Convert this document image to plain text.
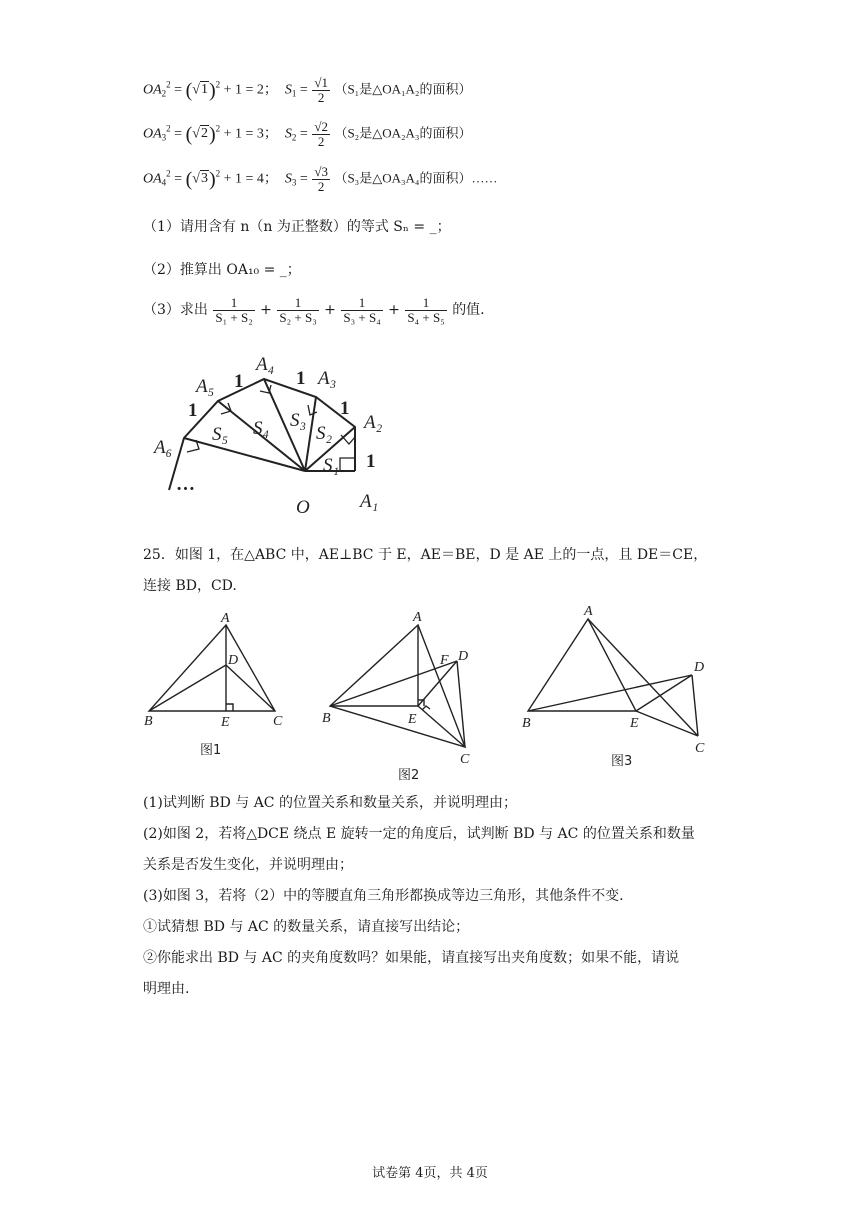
$OA_2^2 = (√1)^2 + 1 = 2$； $S_1 = \frac{√1}{2} (S_1$是△OA₁A₂的面积）
$OA_3^2 = (√2)^2 + 1 = 3$； $S_2 = \frac{√2}{2} (S_2$是△OA₂A₃的面积）
$OA_4^2 = (√3)^2 + 1 = 4$； $S_3 = \frac{√3}{2} (S_3$是△OA₃A₄的面积）……
（1）请用含有 n（n 为正整数）的等式 Sₙ = _；
（2）推算出 OA₁₀ = _；
（3）求出 $\frac{1}{\text{S₁ + S₂}} + \frac{1}{\text{S₂ + S₃}} + \frac{1}{\text{S₃ + S₄}} + \frac{1}{\text{S₄ + S₅}}$ 的值.
A₅
A₄
A₃
A₂
A₁
A₆
O
S₅ S₄ S₃
S₂
S₁
1	1
1
1
1
…
25．如图 1，在△ABC 中，AE⊥BC 于 E，AE＝BE，D 是 AE 上的一点，且 DE＝CE，
连接 BD，CD.
A
D
B	E	C
图1
A
F D
B	E
C
图2
A
D
B	E
C
图3
(1)试判断 BD 与 AC 的位置关系和数量关系，并说明理由；
(2)如图 2，若将△DCE 绕点 E 旋转一定的角度后，试判断 BD 与 AC 的位置关系和数量
关系是否发生变化，并说明理由；
(3)如图 3，若将（2）中的等腰直角三角形都换成等边三角形，其他条件不变.
①试猜想 BD 与 AC 的数量关系，请直接写出结论；
②你能求出 BD 与 AC 的夹角度数吗？如果能，请直接写出夹角度数；如果不能，请说
明理由.
试卷第 4页，共 4页
